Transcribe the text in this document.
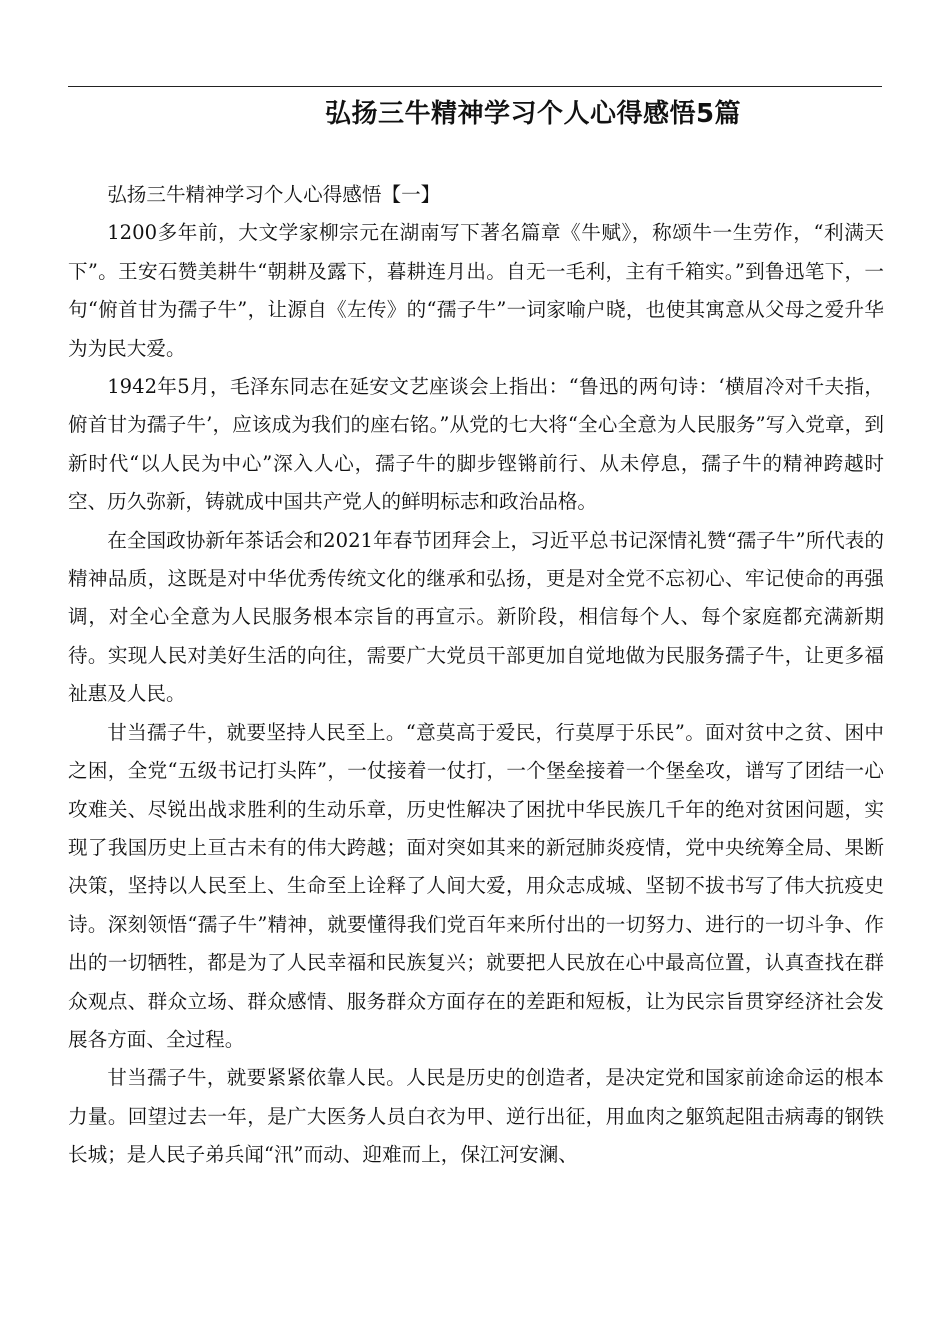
弘扬三牛精神学习个人心得感悟5篇

弘扬三牛精神学习个人心得感悟【一】

1200多年前，大文学家柳宗元在湖南写下著名篇章《牛赋》，称颂牛一生劳作，“利满天下”。王安石赞美耕牛“朝耕及露下，暮耕连月出。自无一毛利，主有千箱实。”到鲁迅笔下，一句“俯首甘为孺子牛”，让源自《左传》的“孺子牛”一词家喻户晓，也使其寓意从父母之爱升华为为民大爱。

1942年5月，毛泽东同志在延安文艺座谈会上指出：“鲁迅的两句诗：‘横眉冷对千夫指，俯首甘为孺子牛’，应该成为我们的座右铭。”从党的七大将“全心全意为人民服务”写入党章，到新时代“以人民为中心”深入人心，孺子牛的脚步铿锵前行、从未停息，孺子牛的精神跨越时空、历久弥新，铸就成中国共产党人的鲜明标志和政治品格。

在全国政协新年茶话会和2021年春节团拜会上，习近平总书记深情礼赞“孺子牛”所代表的精神品质，这既是对中华优秀传统文化的继承和弘扬，更是对全党不忘初心、牢记使命的再强调，对全心全意为人民服务根本宗旨的再宣示。新阶段，相信每个人、每个家庭都充满新期待。实现人民对美好生活的向往，需要广大党员干部更加自觉地做为民服务孺子牛，让更多福祉惠及人民。

甘当孺子牛，就要坚持人民至上。“意莫高于爱民，行莫厚于乐民”。面对贫中之贫、困中之困，全党“五级书记打头阵”，一仗接着一仗打，一个堡垒接着一个堡垒攻，谱写了团结一心攻难关、尽锐出战求胜利的生动乐章，历史性解决了困扰中华民族几千年的绝对贫困问题，实现了我国历史上亘古未有的伟大跨越；面对突如其来的新冠肺炎疫情，党中央统筹全局、果断决策，坚持以人民至上、生命至上诠释了人间大爱，用众志成城、坚韧不拔书写了伟大抗疫史诗。深刻领悟“孺子牛”精神，就要懂得我们党百年来所付出的一切努力、进行的一切斗争、作出的一切牺牲，都是为了人民幸福和民族复兴；就要把人民放在心中最高位置，认真查找在群众观点、群众立场、群众感情、服务群众方面存在的差距和短板，让为民宗旨贯穿经济社会发展各方面、全过程。

甘当孺子牛，就要紧紧依靠人民。人民是历史的创造者，是决定党和国家前途命运的根本力量。回望过去一年，是广大医务人员白衣为甲、逆行出征，用血肉之躯筑起阻击病毒的钢铁长城；是人民子弟兵闻“汛”而动、迎难而上，保江河安澜、
